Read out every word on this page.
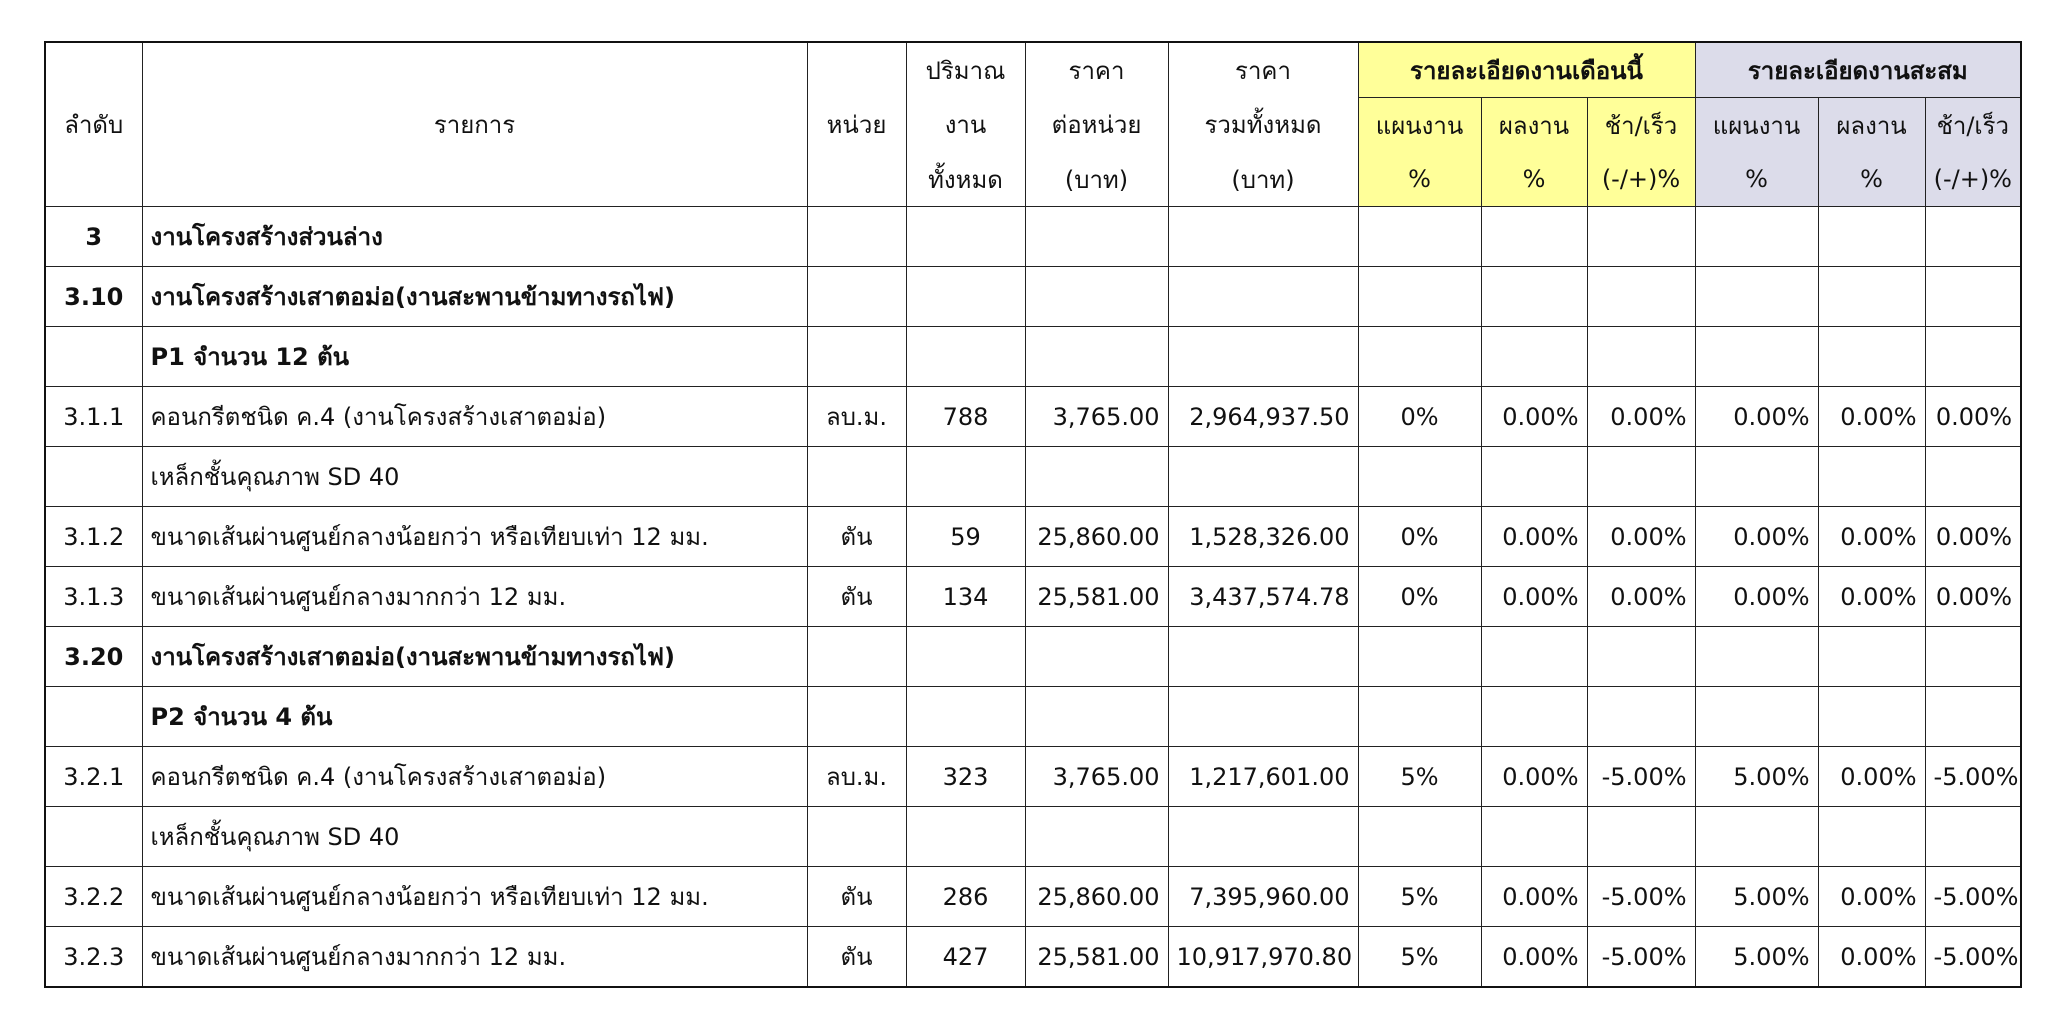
ลำดับ	รายการ	หน่วย	ปริมาณ	ราคา	ราคา	รายละเอียดงานเดือนนี้			รายละเอียดงานสะสม		
			งาน	ต่อหน่วย	รวมทั้งหมด	แผนงาน	ผลงาน	ช้า/เร็ว	แผนงาน	ผลงาน	ช้า/เร็ว
			ทั้งหมด	(บาท)	(บาท)	%	%	(-/+)%	%	%	(-/+)%
3	งานโครงสร้างส่วนล่าง										
3.10	งานโครงสร้างเสาตอม่อ(งานสะพานข้ามทางรถไฟ)										
	P1 จำนวน 12 ต้น										
3.1.1	คอนกรีตชนิด ค.4 (งานโครงสร้างเสาตอม่อ)	ลบ.ม.	788	3,765.00	2,964,937.50	0%	0.00%	0.00%	0.00%	0.00%	0.00%
	เหล็กชั้นคุณภาพ SD 40										
3.1.2	ขนาดเส้นผ่านศูนย์กลางน้อยกว่า หรือเทียบเท่า 12 มม.	ตัน	59	25,860.00	1,528,326.00	0%	0.00%	0.00%	0.00%	0.00%	0.00%
3.1.3	ขนาดเส้นผ่านศูนย์กลางมากกว่า 12 มม.	ตัน	134	25,581.00	3,437,574.78	0%	0.00%	0.00%	0.00%	0.00%	0.00%
3.20	งานโครงสร้างเสาตอม่อ(งานสะพานข้ามทางรถไฟ)										
	P2 จำนวน 4 ต้น										
3.2.1	คอนกรีตชนิด ค.4 (งานโครงสร้างเสาตอม่อ)	ลบ.ม.	323	3,765.00	1,217,601.00	5%	0.00%	-5.00%	5.00%	0.00%	-5.00%
	เหล็กชั้นคุณภาพ SD 40										
3.2.2	ขนาดเส้นผ่านศูนย์กลางน้อยกว่า หรือเทียบเท่า 12 มม.	ตัน	286	25,860.00	7,395,960.00	5%	0.00%	-5.00%	5.00%	0.00%	-5.00%
3.2.3	ขนาดเส้นผ่านศูนย์กลางมากกว่า 12 มม.	ตัน	427	25,581.00	10,917,970.80	5%	0.00%	-5.00%	5.00%	0.00%	-5.00%
